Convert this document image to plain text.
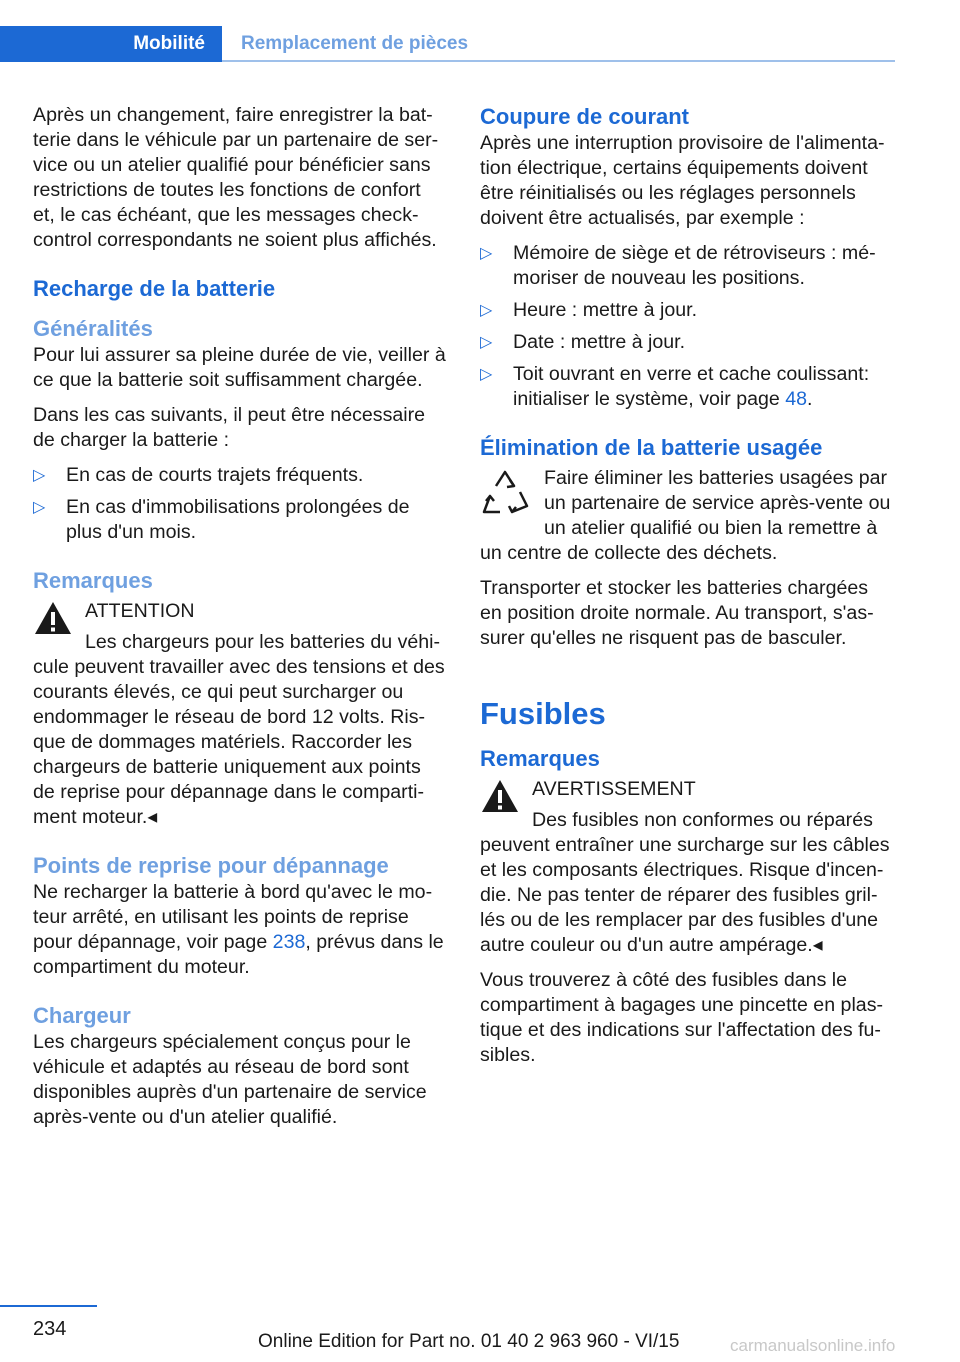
Mobilité	Remplacement de pièces

Après un changement, faire enregistrer la bat-terie dans le véhicule par un partenaire de ser-vice ou un atelier qualifié pour bénéficier sans restrictions de toutes les fonctions de confort et, le cas échéant, que les messages check-control correspondants ne soient plus affichés.

Recharge de la batterie
Généralités

Pour lui assurer sa pleine durée de vie, veiller à ce que la batterie soit suffisamment chargée.

Dans les cas suivants, il peut être nécessaire de charger la batterie :

▷ En cas de courts trajets fréquents.
▷ En cas d'immobilisations prolongées de plus d'un mois.
Remarques
ATTENTION

Les chargeurs pour les batteries du véhi-cule peuvent travailler avec des tensions et des courants élevés, ce qui peut surcharger ou endommager le réseau de bord 12 volts. Ris-que de dommages matériels. Raccorder les chargeurs de batterie uniquement aux points de reprise pour dépannage dans le comparti-ment moteur.◂

Points de reprise pour dépannage

Ne recharger la batterie à bord qu'avec le mo-teur arrêté, en utilisant les points de reprise pour dépannage, voir page 238, prévus dans le compartiment du moteur.

Chargeur

Les chargeurs spécialement conçus pour le véhicule et adaptés au réseau de bord sont disponibles auprès d'un partenaire de service après-vente ou d'un atelier qualifié.

Coupure de courant

Après une interruption provisoire de l'alimenta-tion électrique, certains équipements doivent être réinitialisés ou les réglages personnels doivent être actualisés, par exemple :

▷ Mémoire de siège et de rétroviseurs : mé-moriser de nouveau les positions.
▷ Heure : mettre à jour.
▷ Date : mettre à jour.
▷ Toit ouvrant en verre et cache coulissant: initialiser le système, voir page 48.
Élimination de la batterie usagée

Faire éliminer les batteries usagées par un partenaire de service après-vente ou un atelier qualifié ou bien la remettre à un centre de collecte des déchets.

Transporter et stocker les batteries chargées en position droite normale. Au transport, s'as-surer qu'elles ne risquent pas de basculer.

Fusibles
Remarques
AVERTISSEMENT

Des fusibles non conformes ou réparés peuvent entraîner une surcharge sur les câbles et les composants électriques. Risque d'incen-die. Ne pas tenter de réparer des fusibles gril-lés ou de les remplacer par des fusibles d'une autre couleur ou d'un autre ampérage.◂

Vous trouverez à côté des fusibles dans le compartiment à bagages une pincette en plas-tique et des indications sur l'affectation des fu-sibles.

234
Online Edition for Part no. 01 40 2 963 960 - VI/15	carmanualsonline.info
